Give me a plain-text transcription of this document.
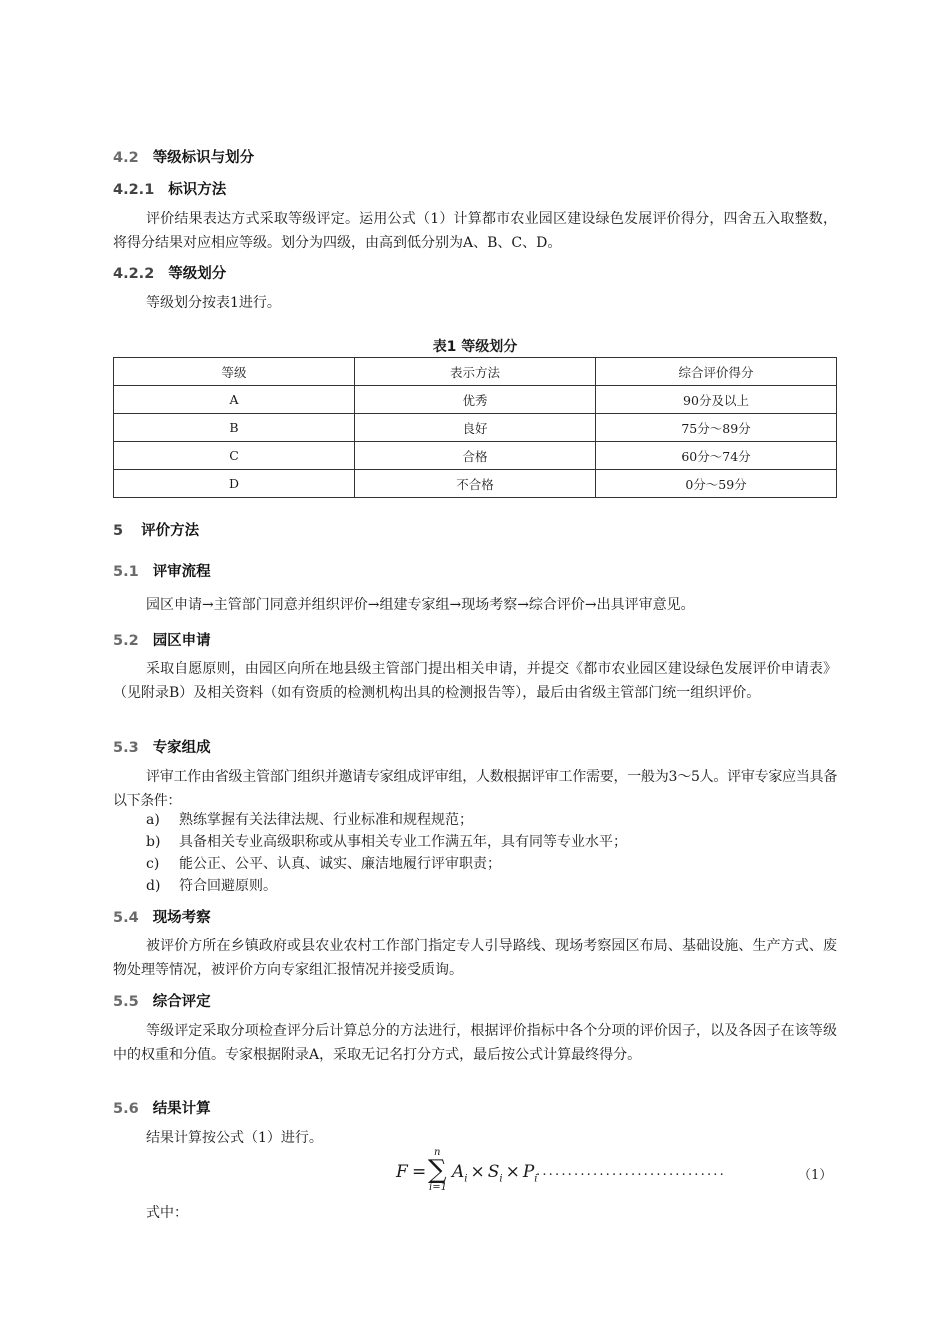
4.2 等级标识与划分
4.2.1 标识方法
评价结果表达方式采取等级评定。运用公式（1）计算都市农业园区建设绿色发展评价得分，四舍五入取整数，将得分结果对应相应等级。划分为四级，由高到低分别为A、B、C、D。
4.2.2 等级划分
等级划分按表1进行。
表1 等级划分
等级	表示方法	综合评价得分
A	优秀	90分及以上
B	良好	75分～89分
C	合格	60分～74分
D	不合格	0分～59分
5 评价方法
5.1 评审流程
园区申请→主管部门同意并组织评价→组建专家组→现场考察→综合评价→出具评审意见。
5.2 园区申请
采取自愿原则，由园区向所在地县级主管部门提出相关申请，并提交《都市农业园区建设绿色发展评价申请表》（见附录B）及相关资料（如有资质的检测机构出具的检测报告等），最后由省级主管部门统一组织评价。
5.3 专家组成
评审工作由省级主管部门组织并邀请专家组成评审组，人数根据评审工作需要，一般为3～5人。评审专家应当具备以下条件：
a) 熟练掌握有关法律法规、行业标准和规程规范；
b) 具备相关专业高级职称或从事相关专业工作满五年，具有同等专业水平；
c) 能公正、公平、认真、诚实、廉洁地履行评审职责；
d) 符合回避原则。
5.4 现场考察
被评价方所在乡镇政府或县农业农村工作部门指定专人引导路线、现场考察园区布局、基础设施、生产方式、废物处理等情况，被评价方向专家组汇报情况并接受质询。
5.5 综合评定
等级评定采取分项检查评分后计算总分的方法进行，根据评价指标中各个分项的评价因子，以及各因子在该等级中的权重和分值。专家根据附录A，采取无记名打分方式，最后按公式计算最终得分。
5.6 结果计算
结果计算按公式（1）进行。
F =
n
∑
i=1
$A_i \times S_i \times P_i$
..............................	（1）
式中：
